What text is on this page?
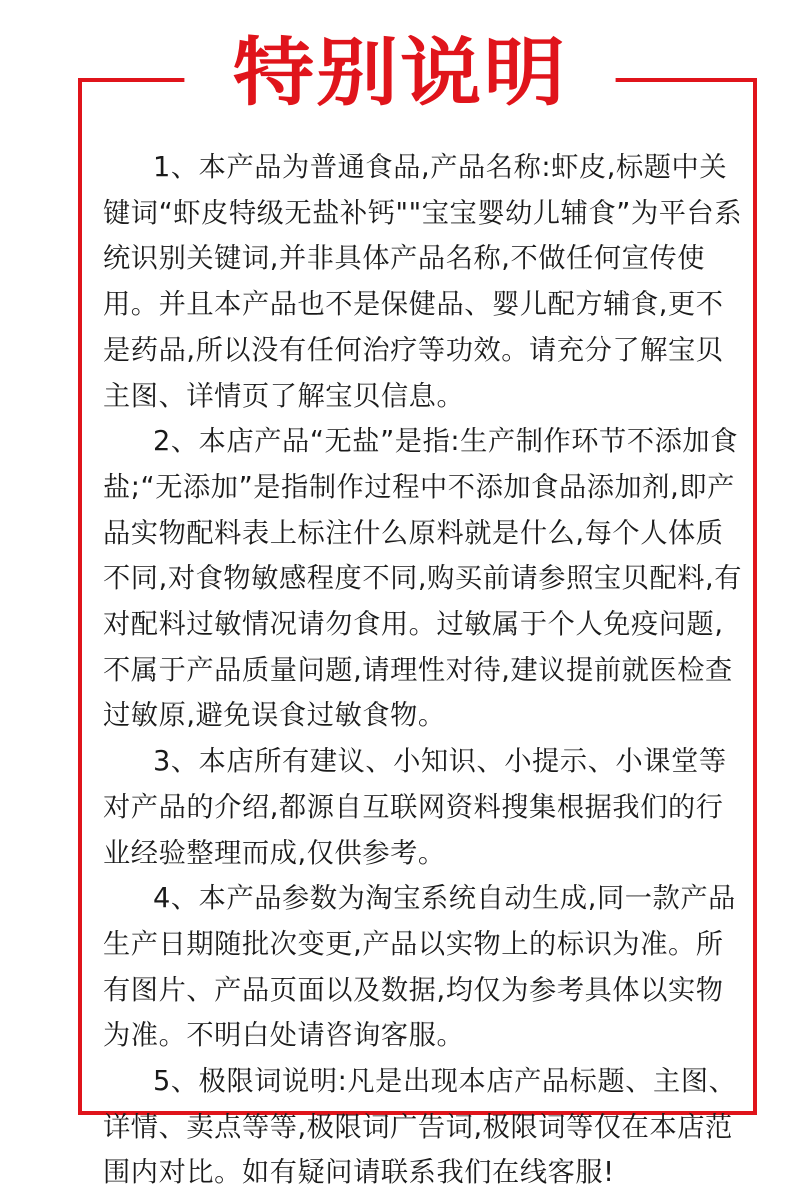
特别说明

1、本产品为普通食品,产品名称:虾皮,标题中关键词“虾皮特级无盐补钙""宝宝婴幼儿辅食”为平台系统识别关键词,并非具体产品名称,不做任何宣传使用。并且本产品也不是保健品、婴儿配方辅食,更不是药品,所以没有任何治疗等功效。请充分了解宝贝主图、详情页了解宝贝信息。

2、本店产品“无盐”是指:生产制作环节不添加食盐;“无添加”是指制作过程中不添加食品添加剂,即产品实物配料表上标注什么原料就是什么,每个人体质不同,对食物敏感程度不同,购买前请参照宝贝配料,有对配料过敏情况请勿食用。过敏属于个人免疫问题,不属于产品质量问题,请理性对待,建议提前就医检查过敏原,避免误食过敏食物。

3、本店所有建议、小知识、小提示、小课堂等对产品的介绍,都源自互联网资料搜集根据我们的行业经验整理而成,仅供参考。

4、本产品参数为淘宝系统自动生成,同一款产品生产日期随批次变更,产品以实物上的标识为准。所有图片、产品页面以及数据,均仅为参考具体以实物为准。不明白处请咨询客服。

5、极限词说明:凡是出现本店产品标题、主图、详情、卖点等等,极限词广告词,极限词等仅在本店范围内对比。如有疑问请联系我们在线客服!
